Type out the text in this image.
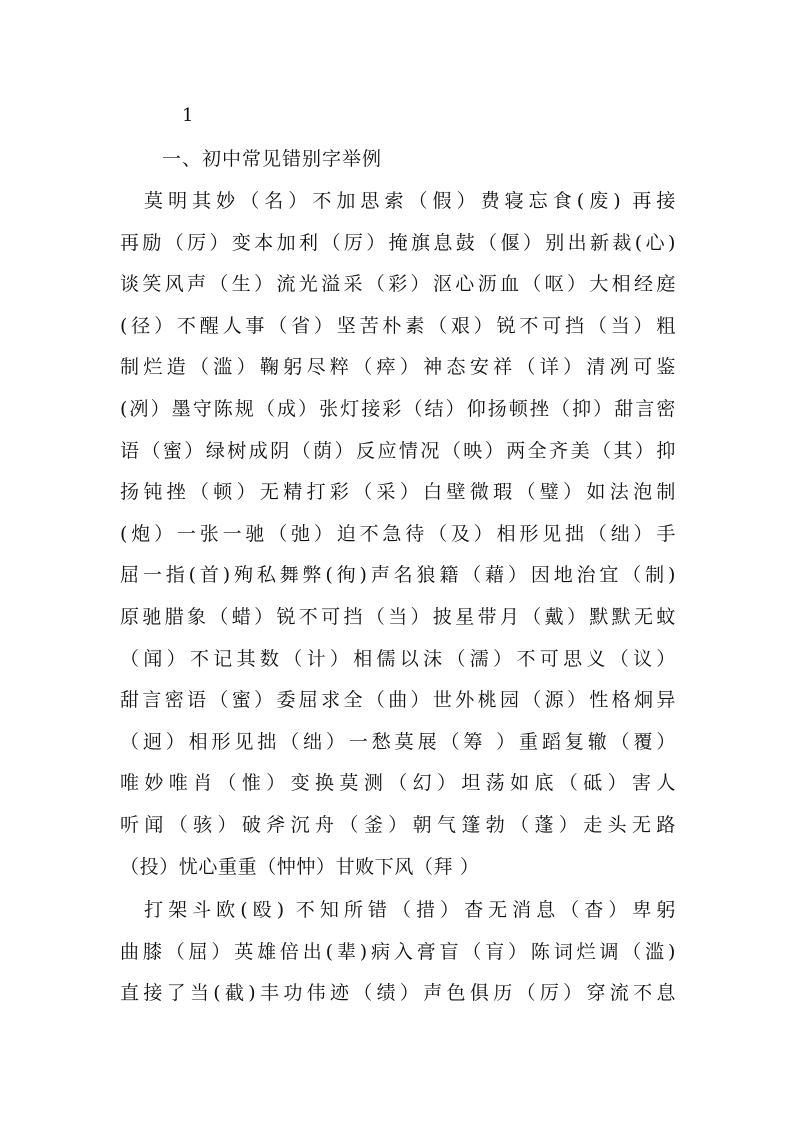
1
一、初中常见错别字举例
　莫明其妙（名）不加思索（假）费寝忘食(废) 再接
再励（厉）变本加利（厉）掩旗息鼓（偃）别出新裁(心)
谈笑风声（生）流光溢采（彩）沤心沥血（呕）大相经庭
(径）不醒人事（省）坚苦朴素（艰）锐不可挡（当）粗
制烂造（滥）鞠躬尽粹（瘁）神态安祥（详）清冽可鉴
(冽）墨守陈规（成）张灯接彩（结）仰扬顿挫（抑）甜言密
语（蜜）绿树成阴（荫）反应情况（映）两全齐美（其）抑
扬钝挫（顿）无精打彩（采）白壁微瑕（璧）如法泡制
(炮）一张一驰（弛）迫不急待（及）相形见拙（绌）手
屈一指(首)殉私舞弊(徇)声名狼籍（藉）因地治宜（制)
原驰腊象（蜡）锐不可挡（当）披星带月（戴）默默无蚊
（闻）不记其数（计）相儒以沫（濡）不可思义（议）
甜言密语（蜜）委屈求全（曲）世外桃园（源）性格炯异
（迥）相形见拙（绌）一愁莫展（筹 ）重蹈复辙（覆）
唯妙唯肖（惟）变换莫测（幻）坦荡如底（砥）害人
听闻（骇）破斧沉舟（釜）朝气篷勃（蓬）走头无路
（投）忧心重重（忡忡）甘败下风（拜 ）
　打架斗欧(殴) 不知所错（措）杳无消息（杳）卑躬
曲膝（屈）英雄倍出(辈)病入膏盲（肓）陈词烂调（滥)
直接了当(截)丰功伟迹（绩）声色俱历（厉）穿流不息
